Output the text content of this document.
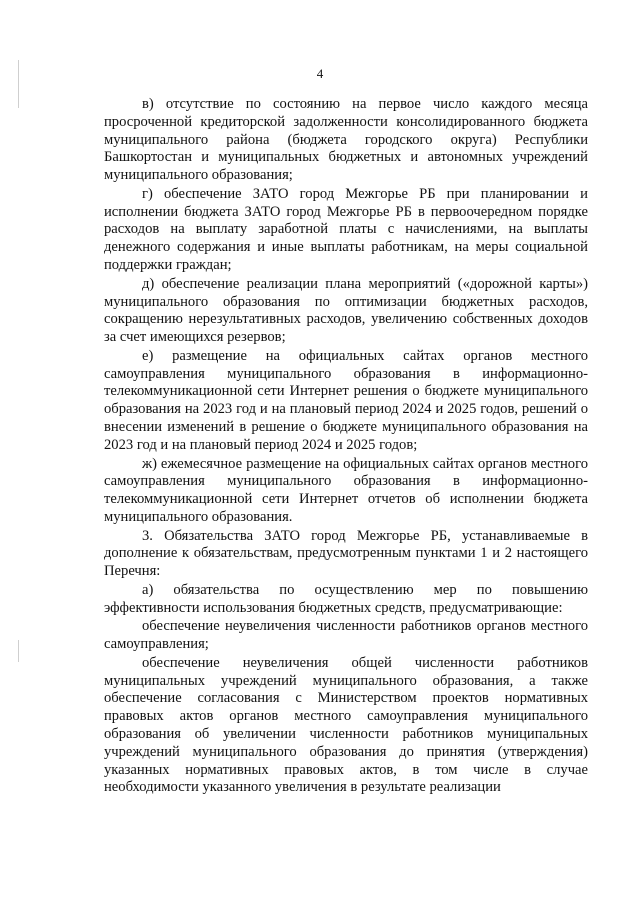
4

в) отсутствие по состоянию на первое число каждого месяца просроченной кредиторской задолженности консолидированного бюджета муниципального района (бюджета городского округа) Республики Башкортостан и муниципальных бюджетных и автономных учреждений муниципального образования;

г) обеспечение ЗАТО город Межгорье РБ при планировании и исполнении бюджета ЗАТО город Межгорье РБ в первоочередном порядке расходов на выплату заработной платы с начислениями, на выплаты денежного содержания и иные выплаты работникам, на меры социальной поддержки граждан;

д) обеспечение реализации плана мероприятий («дорожной карты») муниципального образования по оптимизации бюджетных расходов, сокращению нерезультативных расходов, увеличению собственных доходов за счет имеющихся резервов;

е) размещение на официальных сайтах органов местного самоуправления муниципального образования в информационно-телекоммуникационной сети Интернет решения о бюджете муниципального образования на 2023 год и на плановый период 2024 и 2025 годов, решений о внесении изменений в решение о бюджете муниципального образования на 2023 год и на плановый период 2024 и 2025 годов;

ж) ежемесячное размещение на официальных сайтах органов местного самоуправления муниципального образования в информационно-телекоммуникационной сети Интернет отчетов об исполнении бюджета муниципального образования.

3. Обязательства ЗАТО город Межгорье РБ, устанавливаемые в дополнение к обязательствам, предусмотренным пунктами 1 и 2 настоящего Перечня:

а) обязательства по осуществлению мер по повышению эффективности использования бюджетных средств, предусматривающие:

обеспечение неувеличения численности работников органов местного самоуправления;

обеспечение неувеличения общей численности работников муниципальных учреждений муниципального образования, а также обеспечение согласования с Министерством проектов нормативных правовых актов органов местного самоуправления муниципального образования об увеличении численности работников муниципальных учреждений муниципального образования до принятия (утверждения) указанных нормативных правовых актов, в том числе в случае необходимости указанного увеличения в результате реализации
